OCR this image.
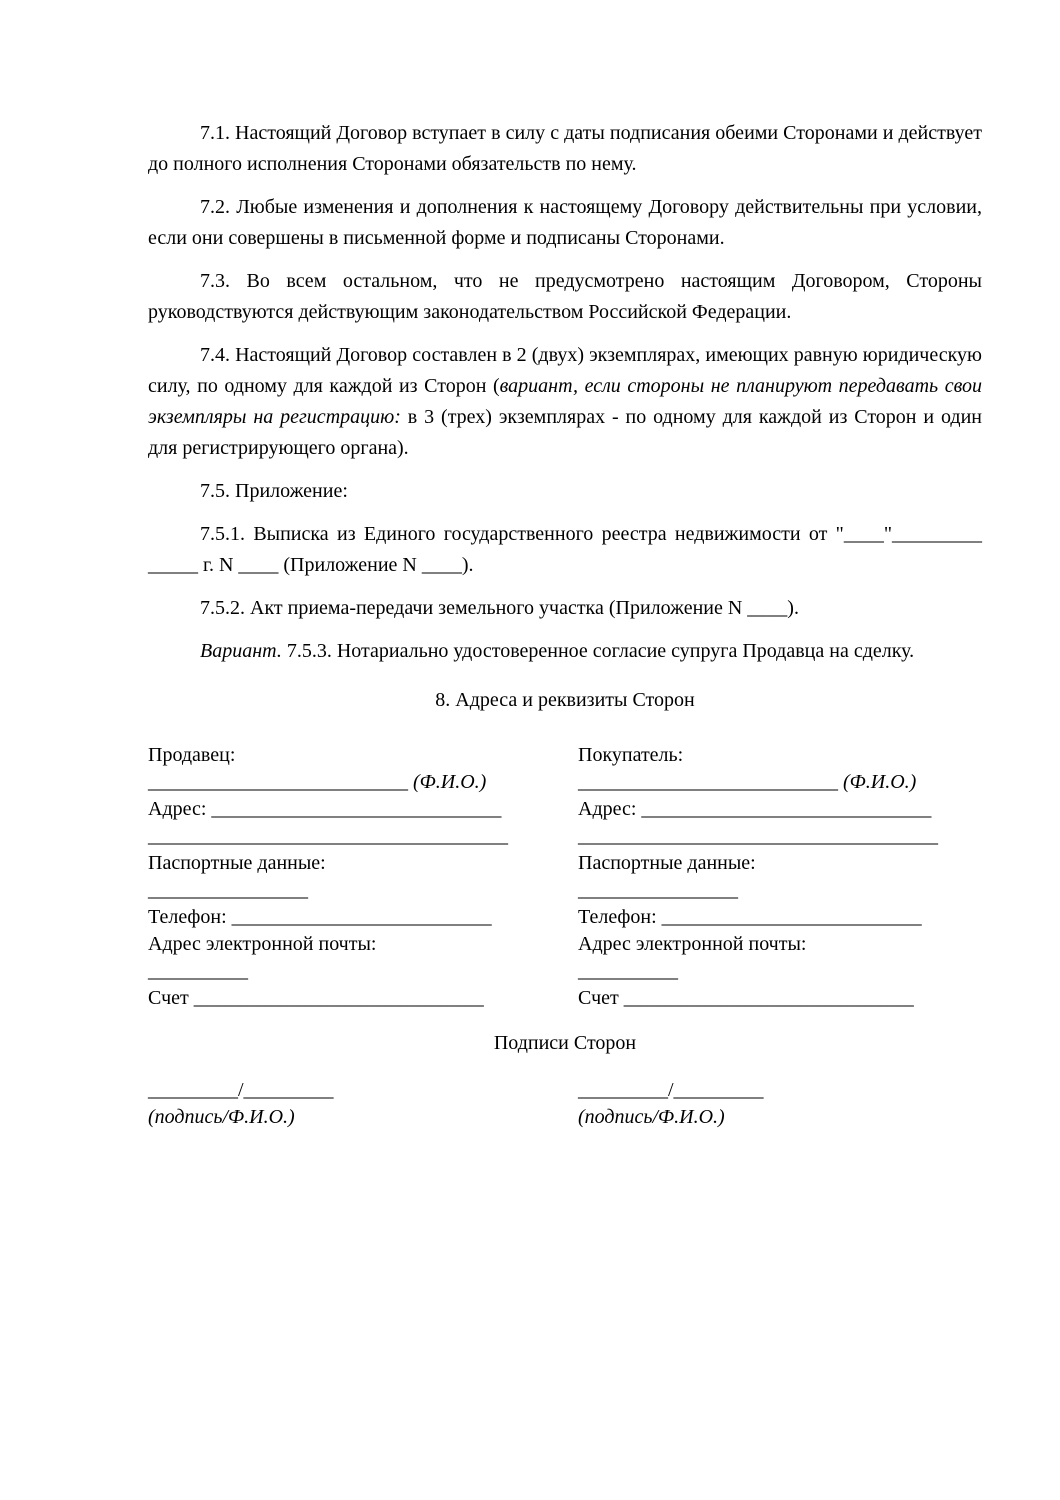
7.1. Настоящий Договор вступает в силу с даты подписания обеими Сторонами и действует до полного исполнения Сторонами обязательств по нему.

7.2. Любые изменения и дополнения к настоящему Договору действительны при условии, если они совершены в письменной форме и подписаны Сторонами.

7.3. Во всем остальном, что не предусмотрено настоящим Договором, Стороны руководствуются действующим законодательством Российской Федерации.

7.4. Настоящий Договор составлен в 2 (двух) экземплярах, имеющих равную юридическую силу, по одному для каждой из Сторон (вариант, если стороны не планируют передавать свои экземпляры на регистрацию: в 3 (трех) экземплярах - по одному для каждой из Сторон и один для регистрирующего органа).

7.5. Приложение:

7.5.1. Выписка из Единого государственного реестра недвижимости от "____"_________ _____ г. N ____ (Приложение N ____).

7.5.2. Акт приема-передачи земельного участка (Приложение N ____).

Вариант. 7.5.3. Нотариально удостоверенное согласие супруга Продавца на сделку.

8. Адреса и реквизиты Сторон
Продавец:
__________________________ (Ф.И.О.)
Адрес: _____________________________
____________________________________
Паспортные данные:
________________
Телефон: __________________________
Адрес электронной почты:
__________
Счет _____________________________
Покупатель:
__________________________ (Ф.И.О.)
Адрес: _____________________________
____________________________________
Паспортные данные:
________________
Телефон: __________________________
Адрес электронной почты:
__________
Счет _____________________________
Подписи Сторон
_________/_________
(подпись/Ф.И.О.)
_________/_________
(подпись/Ф.И.О.)
